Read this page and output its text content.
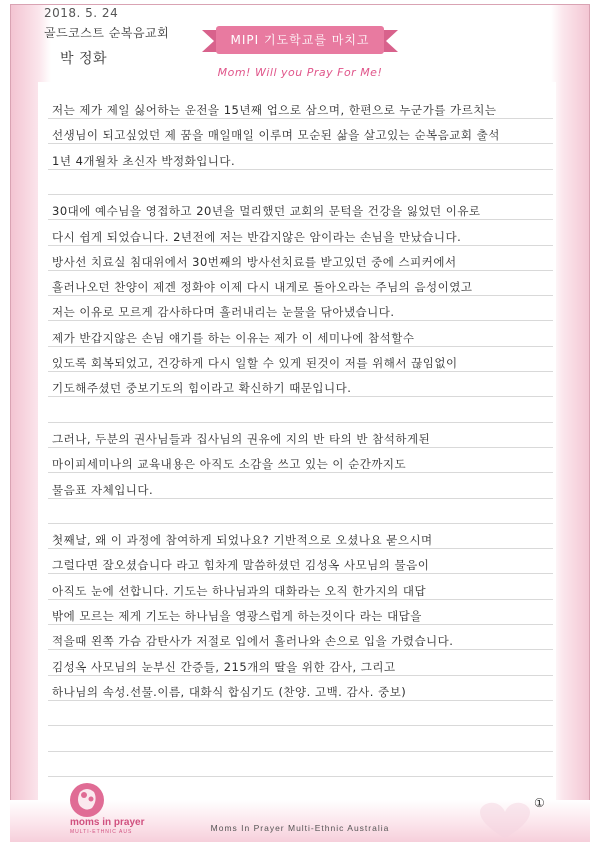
2018. 5. 24
골드코스트 순복음교회
박 정화
MIPI 기도학교를 마치고
Mom! Will you Pray For Me!
저는 제가 제일 싫어하는 운전을 15년째 업으로 삼으며, 한편으로 누군가를 가르치는
선생님이 되고싶었던 제 꿈을 매일매일 이루며 모순된 삶을 살고있는 순복음교회 출석
1년 4개월차 초신자 박정화입니다.
30대에 예수님을 영접하고 20년을 멀리했던 교회의 문턱을 건강을 잃었던 이유로
다시 쉽게 되었습니다. 2년전에 저는 반갑지않은 암이라는 손님을 만났습니다.
방사선 치료실 침대위에서 30번째의 방사선치료를 받고있던 중에 스피커에서
흘러나오던 찬양이 제겐 정화야 이제 다시 내게로 돌아오라는 주님의 음성이였고
저는 이유로 모르게 감사하다며 흘러내리는 눈물을 닦아냈습니다.
제가 반갑지않은 손님 얘기를 하는 이유는 제가 이 세미나에 참석할수
있도록 회복되었고, 건강하게 다시 일할 수 있게 된것이 저를 위해서 끊임없이
기도해주셨던 중보기도의 힘이라고 확신하기 때문입니다.
그러나, 두분의 권사님들과 집사님의 권유에 지의 반 타의 반 참석하게된
마이피세미나의 교육내용은 아직도 소감을 쓰고 있는 이 순간까지도
물음표 자체입니다.
첫째날, 왜 이 과정에 참여하게 되었나요? 기반적으로 오셨나요 묻으시며
그럴다면 잘오셨습니다 라고 힘차게 말씀하셨던 김성옥 사모님의 물음이
아직도 눈에 선합니다. 기도는 하나님과의 대화라는 오직 한가지의 대답
밖에 모르는 제게 기도는 하나님을 영광스럽게 하는것이다 라는 대답을
적을때 왼쪽 가슴 감탄사가 저절로 입에서 흘러나와 손으로 입을 가렸습니다.
김성옥 사모님의 눈부신 간증들, 215개의 딸을 위한 감사, 그리고
하나님의 속성.선물.이름, 대화식 합심기도 (찬양. 고백. 감사. 중보)
moms in prayer
MULTI-ETHNIC AUS	Moms In Prayer Multi-Ethnic Australia
①
